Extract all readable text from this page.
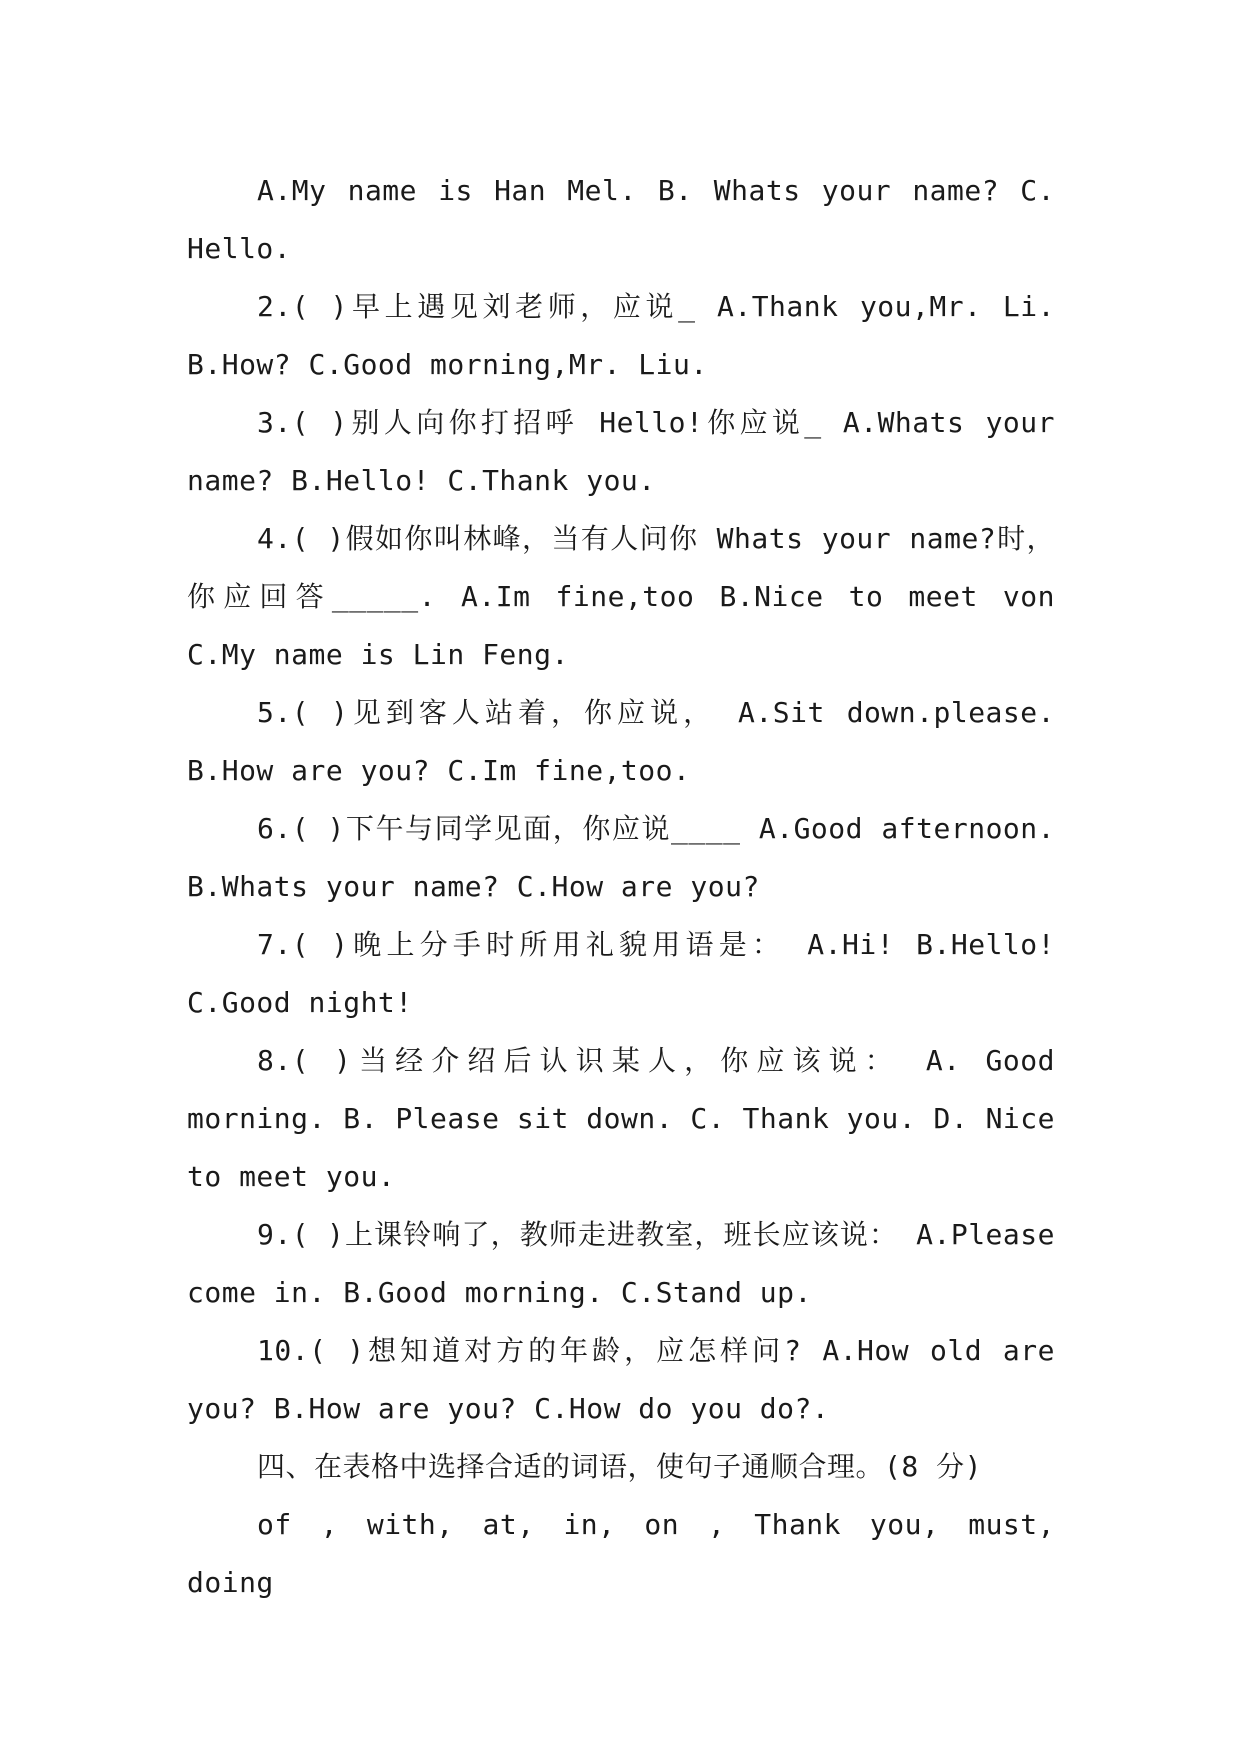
A.My name is Han Mel. B. Whats your name? C. Hello.

2.( )早上遇见刘老师，应说_ A.Thank you,Mr. Li. B.How? C.Good morning,Mr. Liu.

3.( )别人向你打招呼 Hello!你应说_ A.Whats your name? B.Hello! C.Thank you.

4.( )假如你叫林峰，当有人问你 Whats your name?时，你应回答_____. A.Im fine,too B.Nice to meet von C.My name is Lin Feng.

5.( )见到客人站着，你应说， A.Sit down.please. B.How are you? C.Im fine,too.

6.( )下午与同学见面，你应说____ A.Good afternoon. B.Whats your name? C.How are you?

7.( )晚上分手时所用礼貌用语是： A.Hi! B.Hello! C.Good night!

8.( )当经介绍后认识某人，你应该说： A. Good morning. B. Please sit down. C. Thank you. D. Nice to meet you.

9.( )上课铃响了，教师走进教室，班长应该说： A.Please come in. B.Good morning. C.Stand up.

10.( )想知道对方的年龄，应怎样问? A.How old are you? B.How are you? C.How do you do?.

四、在表格中选择合适的词语，使句子通顺合理。(8 分)

of , with, at, in, on , Thank you, must, doing
